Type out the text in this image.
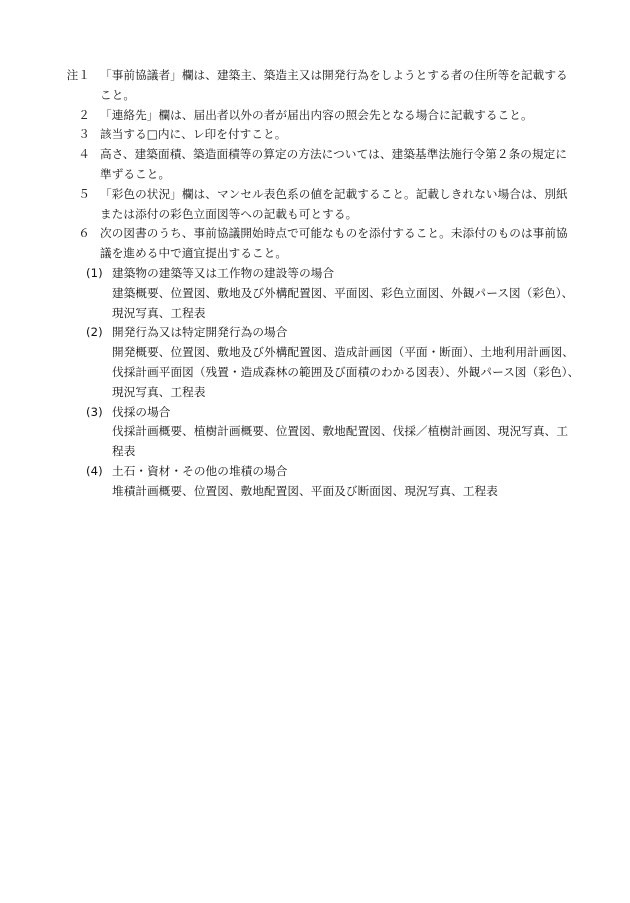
注１ 「事前協議者」欄は、建築主、築造主又は開発行為をしようとする者の住所等を記載する
こと。
２ 「連絡先」欄は、届出者以外の者が届出内容の照会先となる場合に記載すること。
３ 該当する□内に、レ印を付すこと。
４ 高さ、建築面積、築造面積等の算定の方法については、建築基準法施行令第２条の規定に
準ずること。
５ 「彩色の状況」欄は、マンセル表色系の値を記載すること。記載しきれない場合は、別紙
または添付の彩色立面図等への記載も可とする。
６ 次の図書のうち、事前協議開始時点で可能なものを添付すること。未添付のものは事前協
議を進める中で適宜提出すること。
(1) 建築物の建築等又は工作物の建設等の場合
建築概要、位置図、敷地及び外構配置図、平面図、彩色立面図、外観パース図（彩色）、
現況写真、工程表
(2) 開発行為又は特定開発行為の場合
開発概要、位置図、敷地及び外構配置図、造成計画図（平面・断面）、土地利用計画図、
伐採計画平面図（残置・造成森林の範囲及び面積のわかる図表）、外観パース図（彩色）、
現況写真、工程表
(3) 伐採の場合
伐採計画概要、植樹計画概要、位置図、敷地配置図、伐採／植樹計画図、現況写真、工
程表
(4) 土石・資材・その他の堆積の場合
堆積計画概要、位置図、敷地配置図、平面及び断面図、現況写真、工程表
